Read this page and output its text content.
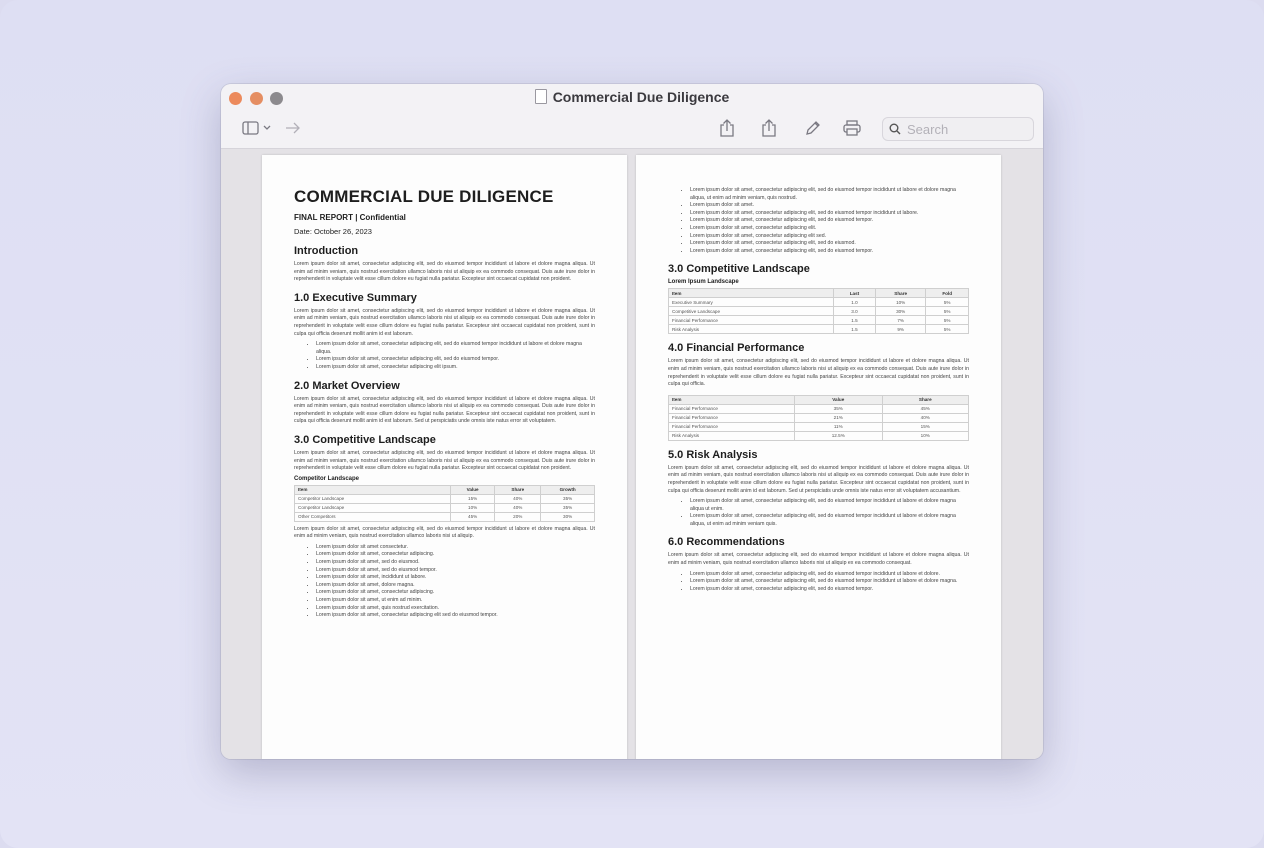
Commercial Due Diligence
Search
COMMERCIAL DUE DILIGENCE
FINAL REPORT | Confidential
Date: October 26, 2023
Introduction
Lorem ipsum dolor sit amet, consectetur adipiscing elit, sed do eiusmod tempor incididunt ut labore et dolore magna aliqua. Ut enim ad minim veniam, quis nostrud exercitation ullamco laboris nisi ut aliquip ex ea commodo consequat. Duis aute irure dolor in reprehenderit in voluptate velit esse cillum dolore eu fugiat nulla pariatur. Excepteur sint occaecat cupidatat non proident.
1.0 Executive Summary
Lorem ipsum dolor sit amet, consectetur adipiscing elit, sed do eiusmod tempor incididunt ut labore et dolore magna aliqua. Ut enim ad minim veniam, quis nostrud exercitation ullamco laboris nisi ut aliquip ex ea commodo consequat. Duis aute irure dolor in reprehenderit in voluptate velit esse cillum dolore eu fugiat nulla pariatur. Excepteur sint occaecat cupidatat non proident, sunt in culpa qui officia deserunt mollit anim id est laborum.
• Lorem ipsum dolor sit amet, consectetur adipiscing elit, sed do eiusmod tempor incididunt ut labore et dolore magna aliqua.
• Lorem ipsum dolor sit amet, consectetur adipiscing elit, sed do eiusmod tempor.
• Lorem ipsum dolor sit amet, consectetur adipiscing elit ipsum.
2.0 Market Overview
Lorem ipsum dolor sit amet, consectetur adipiscing elit, sed do eiusmod tempor incididunt ut labore et dolore magna aliqua. Ut enim ad minim veniam, quis nostrud exercitation ullamco laboris nisi ut aliquip ex ea commodo consequat. Duis aute irure dolor in reprehenderit in voluptate velit esse cillum dolore eu fugiat nulla pariatur. Excepteur sint occaecat cupidatat non proident, sunt in culpa qui officia deserunt mollit anim id est laborum. Sed ut perspiciatis unde omnis iste natus error sit voluptatem.
3.0 Competitive Landscape
Lorem ipsum dolor sit amet, consectetur adipiscing elit, sed do eiusmod tempor incididunt ut labore et dolore magna aliqua. Ut enim ad minim veniam, quis nostrud exercitation ullamco laboris nisi ut aliquip ex ea commodo consequat. Duis aute irure dolor in reprehenderit in voluptate velit esse cillum dolore eu fugiat nulla pariatur. Excepteur sint occaecat cupidatat non proident.
Competitor Landscape
Item	Value	Share	Growth
Competitor Landscape	15%	40%	35%
Competitor Landscape	10%	40%	35%
Other Competitors	45%	20%	30%
Lorem ipsum dolor sit amet, consectetur adipiscing elit, sed do eiusmod tempor incididunt ut labore et dolore magna aliqua. Ut enim ad minim veniam, quis nostrud exercitation ullamco laboris nisi ut aliquip.
• Lorem ipsum dolor sit amet consectetur.
• Lorem ipsum dolor sit amet, consectetur adipiscing.
• Lorem ipsum dolor sit amet, sed do eiusmod.
• Lorem ipsum dolor sit amet, sed do eiusmod tempor.
• Lorem ipsum dolor sit amet, incididunt ut labore.
• Lorem ipsum dolor sit amet, dolore magna.
• Lorem ipsum dolor sit amet, consectetur adipiscing.
• Lorem ipsum dolor sit amet, ut enim ad minim.
• Lorem ipsum dolor sit amet, quis nostrud exercitation.
• Lorem ipsum dolor sit amet, consectetur adipiscing elit sed do eiusmod tempor.
• Lorem ipsum dolor sit amet, consectetur adipiscing elit, sed do eiusmod tempor incididunt ut labore et dolore magna aliqua, ut enim ad minim veniam, quis nostrud.
• Lorem ipsum dolor sit amet.
• Lorem ipsum dolor sit amet, consectetur adipiscing elit, sed do eiusmod tempor incididunt ut labore.
• Lorem ipsum dolor sit amet, consectetur adipiscing elit, sed do eiusmod tempor.
• Lorem ipsum dolor sit amet, consectetur adipiscing elit.
• Lorem ipsum dolor sit amet, consectetur adipiscing elit sed.
• Lorem ipsum dolor sit amet, consectetur adipiscing elit, sed do eiusmod.
• Lorem ipsum dolor sit amet, consectetur adipiscing elit, sed do eiusmod tempor.
3.0 Competitive Landscape
Lorem Ipsum Landscape
Item	Last	Share	Fold
Executive Summary	1.0	10%	5%
Competitive Landscape	3.0	30%	5%
Financial Performance	1.5	7%	5%
Risk Analysis	1.5	9%	5%
4.0 Financial Performance
Lorem ipsum dolor sit amet, consectetur adipiscing elit, sed do eiusmod tempor incididunt ut labore et dolore magna aliqua. Ut enim ad minim veniam, quis nostrud exercitation ullamco laboris nisi ut aliquip ex ea commodo consequat. Duis aute irure dolor in reprehenderit in voluptate velit esse cillum dolore eu fugiat nulla pariatur. Excepteur sint occaecat cupidatat non proident, sunt in culpa qui officia.
Item	Value	Share
Financial Performance	35%	45%
Financial Performance	21%	40%
Financial Performance	11%	15%
Risk Analysis	12.5%	10%
5.0 Risk Analysis
Lorem ipsum dolor sit amet, consectetur adipiscing elit, sed do eiusmod tempor incididunt ut labore et dolore magna aliqua. Ut enim ad minim veniam, quis nostrud exercitation ullamco laboris nisi ut aliquip ex ea commodo consequat. Duis aute irure dolor in reprehenderit in voluptate velit esse cillum dolore eu fugiat nulla pariatur. Excepteur sint occaecat cupidatat non proident, sunt in culpa qui officia deserunt mollit anim id est laborum. Sed ut perspiciatis unde omnis iste natus error sit voluptatem accusantium.
• Lorem ipsum dolor sit amet, consectetur adipiscing elit, sed do eiusmod tempor incididunt ut labore et dolore magna aliqua ut enim.
• Lorem ipsum dolor sit amet, consectetur adipiscing elit, sed do eiusmod tempor incididunt ut labore et dolore magna aliqua, ut enim ad minim veniam quis.
6.0 Recommendations
Lorem ipsum dolor sit amet, consectetur adipiscing elit, sed do eiusmod tempor incididunt ut labore et dolore magna aliqua. Ut enim ad minim veniam, quis nostrud exercitation ullamco laboris nisi ut aliquip ex ea commodo consequat.
• Lorem ipsum dolor sit amet, consectetur adipiscing elit, sed do eiusmod tempor incididunt ut labore et dolore.
• Lorem ipsum dolor sit amet, consectetur adipiscing elit, sed do eiusmod tempor incididunt ut labore et dolore magna.
• Lorem ipsum dolor sit amet, consectetur adipiscing elit, sed do eiusmod tempor.
